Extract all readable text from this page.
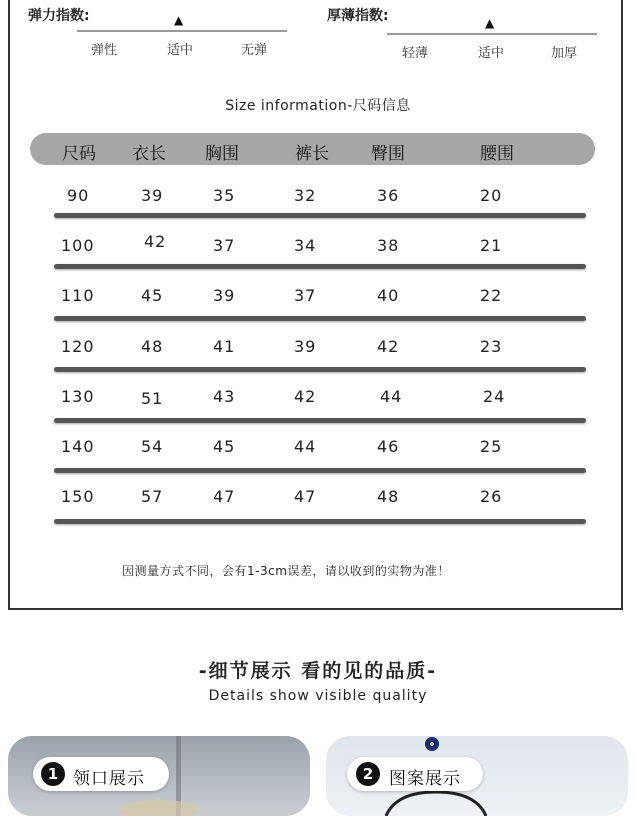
弹力指数:	▲
弹性	适中	无弹
厚薄指数:	▲
轻薄	适中	加厚
Size information-尺码信息
尺码 衣长 胸围	裤长 臀围	腰围
90	39	35	32	36	20
100	42	37	34	38	21
110	45	39	37	40	22
120	48	41	39	42	23
130	51	43	42	44	24
140	54	45	44	46	25
150	57	47	47	48	26
因测量方式不同，会有1-3cm误差，请以收到的实物为准！
-细节展示 看的见的品质-
Details show visible quality
1 领口展示	2 图案展示
